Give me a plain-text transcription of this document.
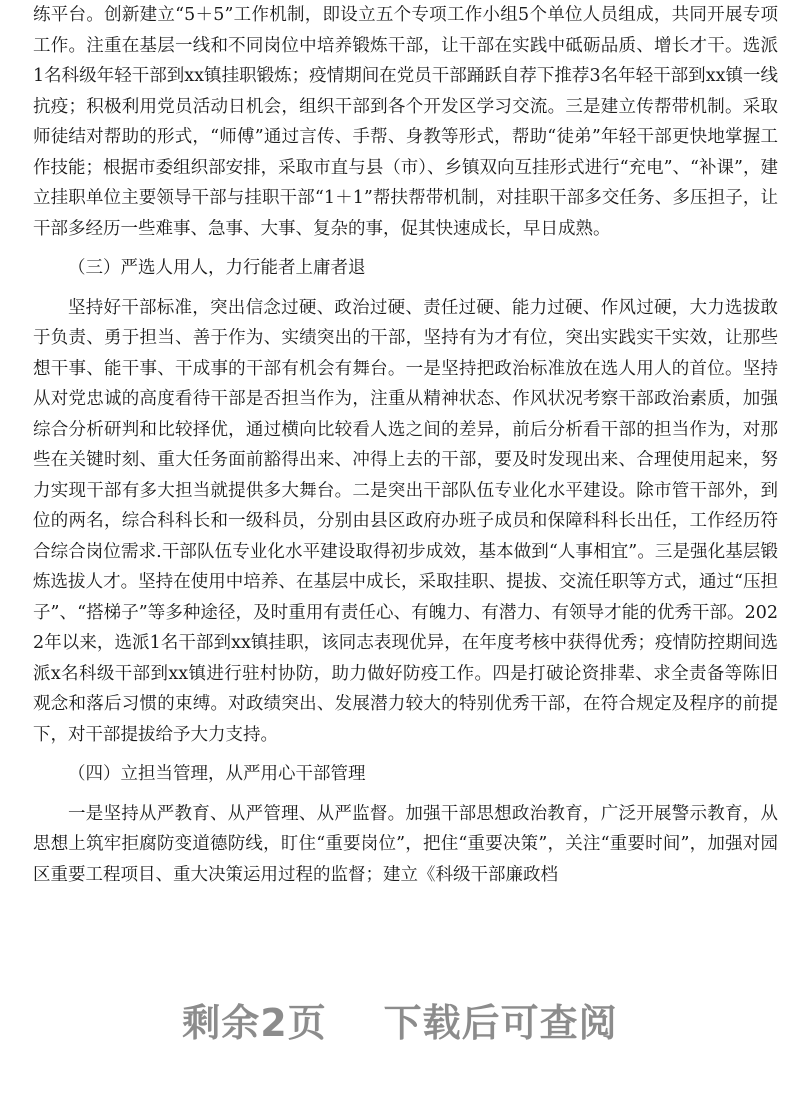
练平台。创新建立“5＋5”工作机制，即设立五个专项工作小组5个单位人员组成，共同开展专项工作。注重在基层一线和不同岗位中培养锻炼干部，让干部在实践中砥砺品质、增长才干。选派1名科级年轻干部到xx镇挂职锻炼；疫情期间在党员干部踊跃自荐下推荐3名年轻干部到xx镇一线抗疫；积极利用党员活动日机会，组织干部到各个开发区学习交流。三是建立传帮带机制。采取师徒结对帮助的形式，“师傅”通过言传、手帮、身教等形式，帮助“徒弟”年轻干部更快地掌握工作技能；根据市委组织部安排，采取市直与县（市）、乡镇双向互挂形式进行“充电”、“补课”，建立挂职单位主要领导干部与挂职干部“1＋1”帮扶帮带机制，对挂职干部多交任务、多压担子，让干部多经历一些难事、急事、大事、复杂的事，促其快速成长，早日成熟。

（三）严选人用人，力行能者上庸者退

坚持好干部标准，突出信念过硬、政治过硬、责任过硬、能力过硬、作风过硬，大力选拔敢于负责、勇于担当、善于作为、实绩突出的干部，坚持有为才有位，突出实践实干实效，让那些想干事、能干事、干成事的干部有机会有舞台。一是坚持把政治标准放在选人用人的首位。坚持从对党忠诚的高度看待干部是否担当作为，注重从精神状态、作风状况考察干部政治素质，加强综合分析研判和比较择优，通过横向比较看人选之间的差异，前后分析看干部的担当作为，对那些在关键时刻、重大任务面前豁得出来、冲得上去的干部，要及时发现出来、合理使用起来，努力实现干部有多大担当就提供多大舞台。二是突出干部队伍专业化水平建设。除市管干部外，到位的两名，综合科科长和一级科员，分别由县区政府办班子成员和保障科科长出任，工作经历符合综合岗位需求.干部队伍专业化水平建设取得初步成效，基本做到“人事相宜”。三是强化基层锻炼选拔人才。坚持在使用中培养、在基层中成长，采取挂职、提拔、交流任职等方式，通过“压担子”、“搭梯子”等多种途径，及时重用有责任心、有魄力、有潜力、有领导才能的优秀干部。2022年以来，选派1名干部到xx镇挂职，该同志表现优异，在年度考核中获得优秀；疫情防控期间选派x名科级干部到xx镇进行驻村协防，助力做好防疫工作。四是打破论资排辈、求全责备等陈旧观念和落后习惯的束缚。对政绩突出、发展潜力较大的特别优秀干部，在符合规定及程序的前提下，对干部提拔给予大力支持。

（四）立担当管理，从严用心干部管理

一是坚持从严教育、从严管理、从严监督。加强干部思想政治教育，广泛开展警示教育，从思想上筑牢拒腐防变道德防线，盯住“重要岗位”，把住“重要决策”，关注“重要时间”，加强对园区重要工程项目、重大决策运用过程的监督；建立《科级干部廉政档

剩余2页 下载后可查阅
